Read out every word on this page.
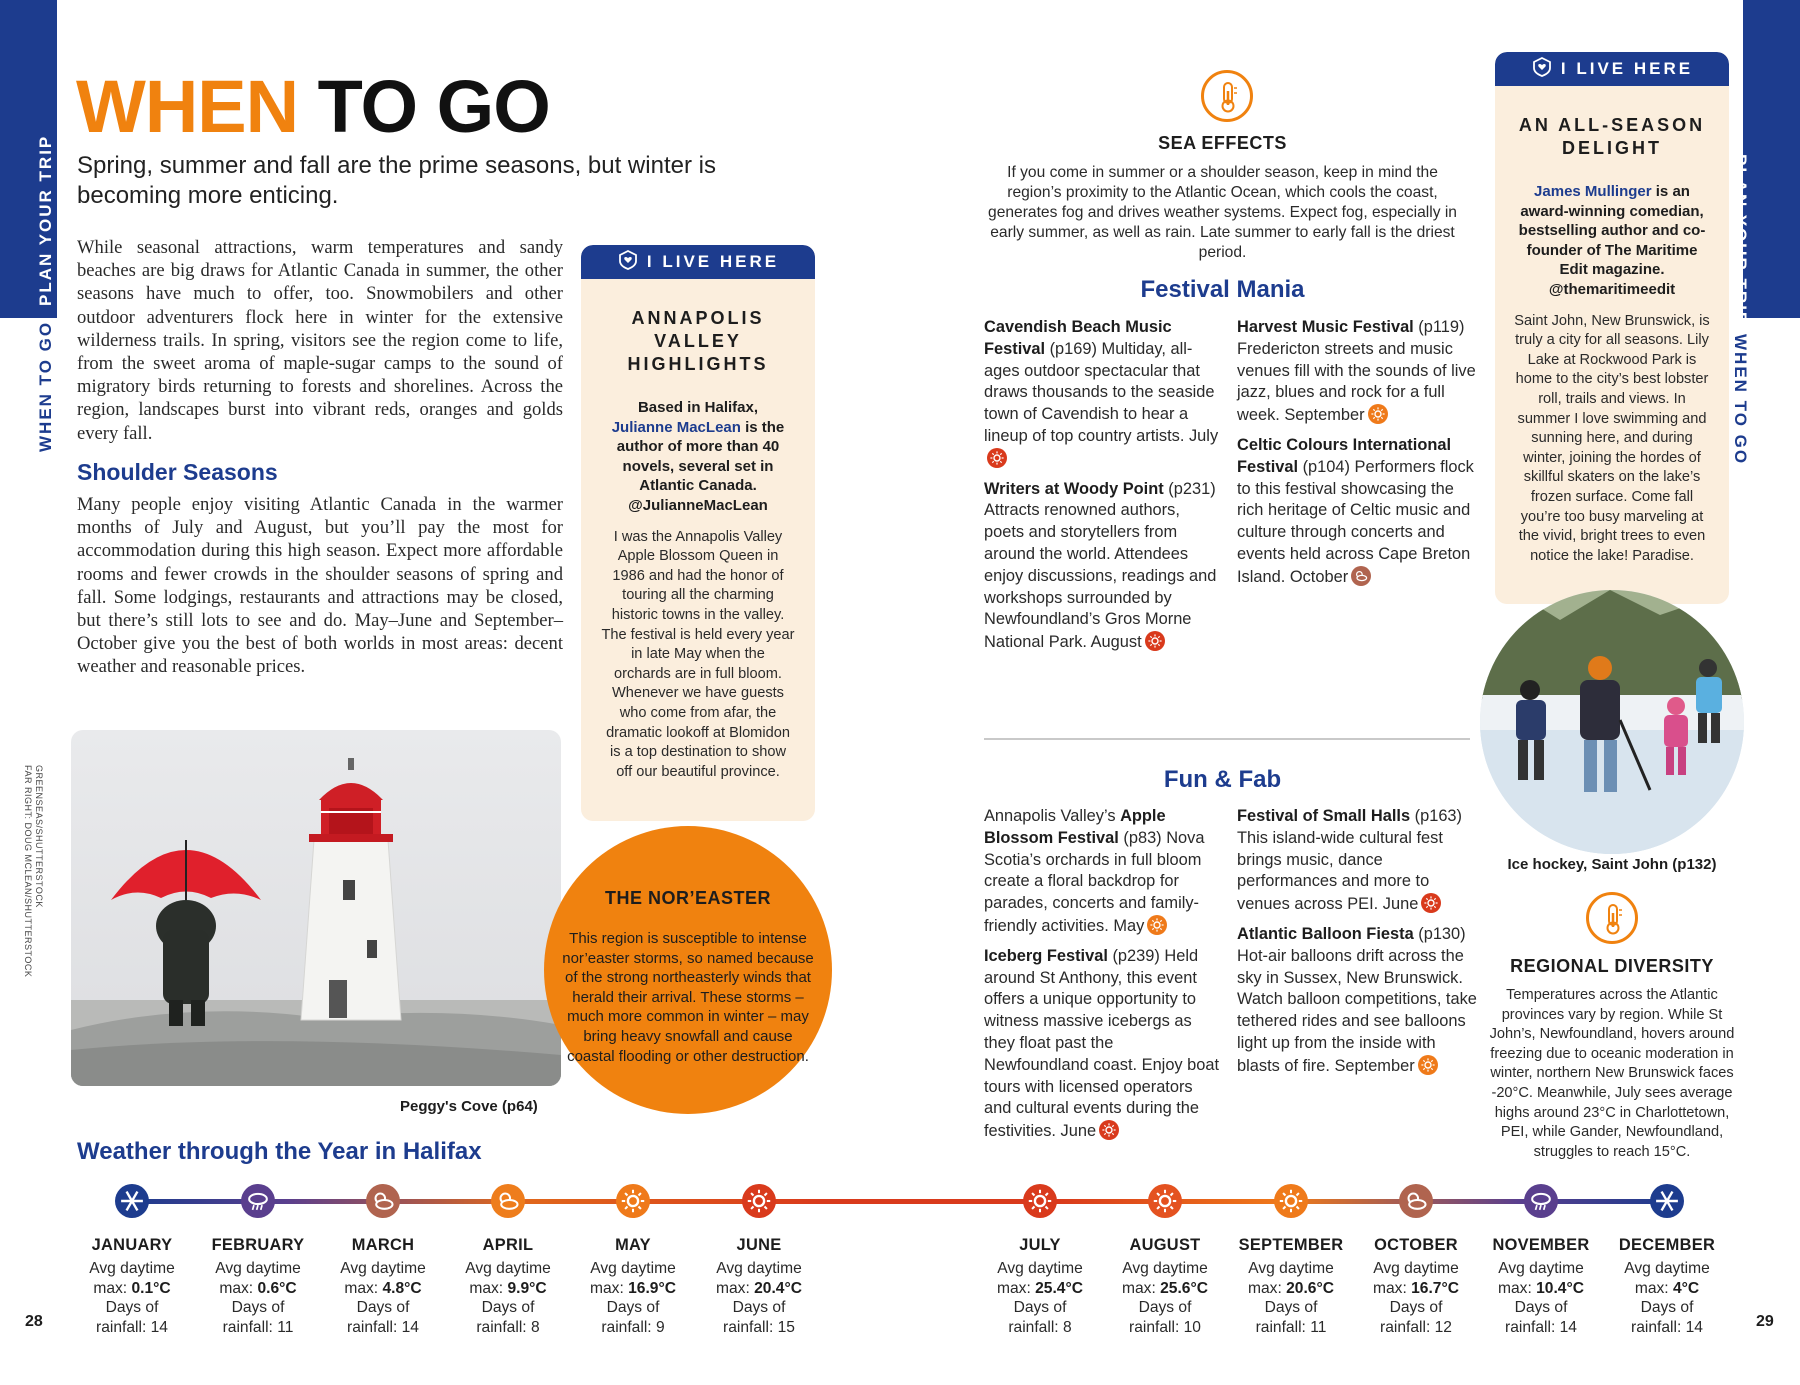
PLAN YOUR TRIP
WHEN TO GO
PLAN YOUR TRIP
WHEN TO GO
WHEN TO GO

Spring, summer and fall are the prime seasons, but winter is becoming more enticing.

While seasonal attractions, warm temperatures and sandy beaches are big draws for Atlantic Canada in summer, the other seasons have much to offer, too. Snowmobilers and other outdoor adventurers flock here in winter for the extensive wilderness trails. In spring, visitors see the region come to life, from the sweet aroma of maple-sugar camps to the sound of migratory birds returning to forests and shorelines. Across the region, landscapes burst into vibrant reds, oranges and golds every fall.

Shoulder Seasons

Many people enjoy visiting Atlantic Canada in the warmer months of July and August, but you’ll pay the most for accommodation during this high season. Expect more affordable rooms and fewer crowds in the shoulder seasons of spring and fall. Some lodgings, restaurants and attractions may be closed, but there’s still lots to see and do. May–June and September–October give you the best of both worlds in most areas: decent weather and reasonable prices.

Peggy's Cove (p64)
GREENSEAS/SHUTTERSTOCK
FAR RIGHT: DOUG MCLEAN/SHUTTERSTOCK
I LIVE HERE
ANNAPOLIS VALLEY HIGHLIGHTS
Based in Halifax,
Julianne MacLean is the author of more than 40 novels, several set in Atlantic Canada. @JulianneMacLean
I was the Annapolis Valley Apple Blossom Queen in 1986 and had the honor of touring all the charming historic towns in the valley. The festival is held every year in late May when the orchards are in full bloom. Whenever we have guests who come from afar, the dramatic lookoff at Blomidon is a top destination to show off our beautiful province.
THE NOR’EASTER
This region is susceptible to intense nor’easter storms, so named because of the strong northeasterly winds that herald their arrival. These storms – much more common in winter – may bring heavy snowfall and cause coastal flooding or other destruction.
SEA EFFECTS
If you come in summer or a shoulder season, keep in mind the region’s proximity to the Atlantic Ocean, which cools the coast, generates fog and drives weather systems. Expect fog, especially in early summer, as well as rain. Late summer to early fall is the driest period.
Festival Mania
Cavendish Beach Music Festival (p169) Multiday, all-ages outdoor spectacular that draws thousands to the seaside town of Cavendish to hear a lineup of top country artists. July
Writers at Woody Point (p231) Attracts renowned authors, poets and storytellers from around the world. Attendees enjoy discussions, readings and workshops surrounded by Newfoundland’s Gros Morne National Park. August
Harvest Music Festival (p119) Fredericton streets and music venues fill with the sounds of live jazz, blues and rock for a full week. September
Celtic Colours International Festival (p104) Performers flock to this festival showcasing the rich heritage of Celtic music and culture through concerts and events held across Cape Breton Island. October
Fun & Fab
Annapolis Valley’s Apple Blossom Festival (p83) Nova Scotia’s orchards in full bloom create a floral backdrop for parades, concerts and family-friendly activities. May
Iceberg Festival (p239) Held around St Anthony, this event offers a unique opportunity to witness massive icebergs as they float past the Newfoundland coast. Enjoy boat tours with licensed operators and cultural events during the festivities. June
Festival of Small Halls (p163) This island-wide cultural fest brings music, dance performances and more to venues across PEI. June
Atlantic Balloon Fiesta (p130) Hot-air balloons drift across the sky in Sussex, New Brunswick. Watch balloon competitions, take tethered rides and see balloons light up from the inside with blasts of fire. September
I LIVE HERE
AN ALL-SEASON DELIGHT
James Mullinger is an award-winning comedian, bestselling author and co-founder of The Maritime Edit magazine. @themaritimeedit
Saint John, New Brunswick, is truly a city for all seasons. Lily Lake at Rockwood Park is home to the city’s best lobster roll, trails and views. In summer I love swimming and sunning here, and during winter, joining the hordes of skillful skaters on the lake’s frozen surface. Come fall you’re too busy marveling at the vivid, bright trees to even notice the lake! Paradise.
Ice hockey, Saint John (p132)
REGIONAL DIVERSITY
Temperatures across the Atlantic provinces vary by region. While St John’s, Newfoundland, hovers around freezing due to oceanic moderation in winter, northern New Brunswick faces -20°C. Meanwhile, July sees average highs around 23°C in Charlottetown, PEI, while Gander, Newfoundland, struggles to reach 15°C.
Weather through the Year in Halifax
JANUARY
Avg daytime
max: 0.1°C
Days of
rainfall: 14
FEBRUARY
Avg daytime
max: 0.6°C
Days of
rainfall: 11
MARCH
Avg daytime
max: 4.8°C
Days of
rainfall: 14
APRIL
Avg daytime
max: 9.9°C
Days of
rainfall: 8
MAY
Avg daytime
max: 16.9°C
Days of
rainfall: 9
JUNE
Avg daytime
max: 20.4°C
Days of
rainfall: 15
JULY
Avg daytime
max: 25.4°C
Days of
rainfall: 8
AUGUST
Avg daytime
max: 25.6°C
Days of
rainfall: 10
SEPTEMBER
Avg daytime
max: 20.6°C
Days of
rainfall: 11
OCTOBER
Avg daytime
max: 16.7°C
Days of
rainfall: 12
NOVEMBER
Avg daytime
max: 10.4°C
Days of
rainfall: 14
DECEMBER
Avg daytime
max: 4°C
Days of
rainfall: 14
28	29
